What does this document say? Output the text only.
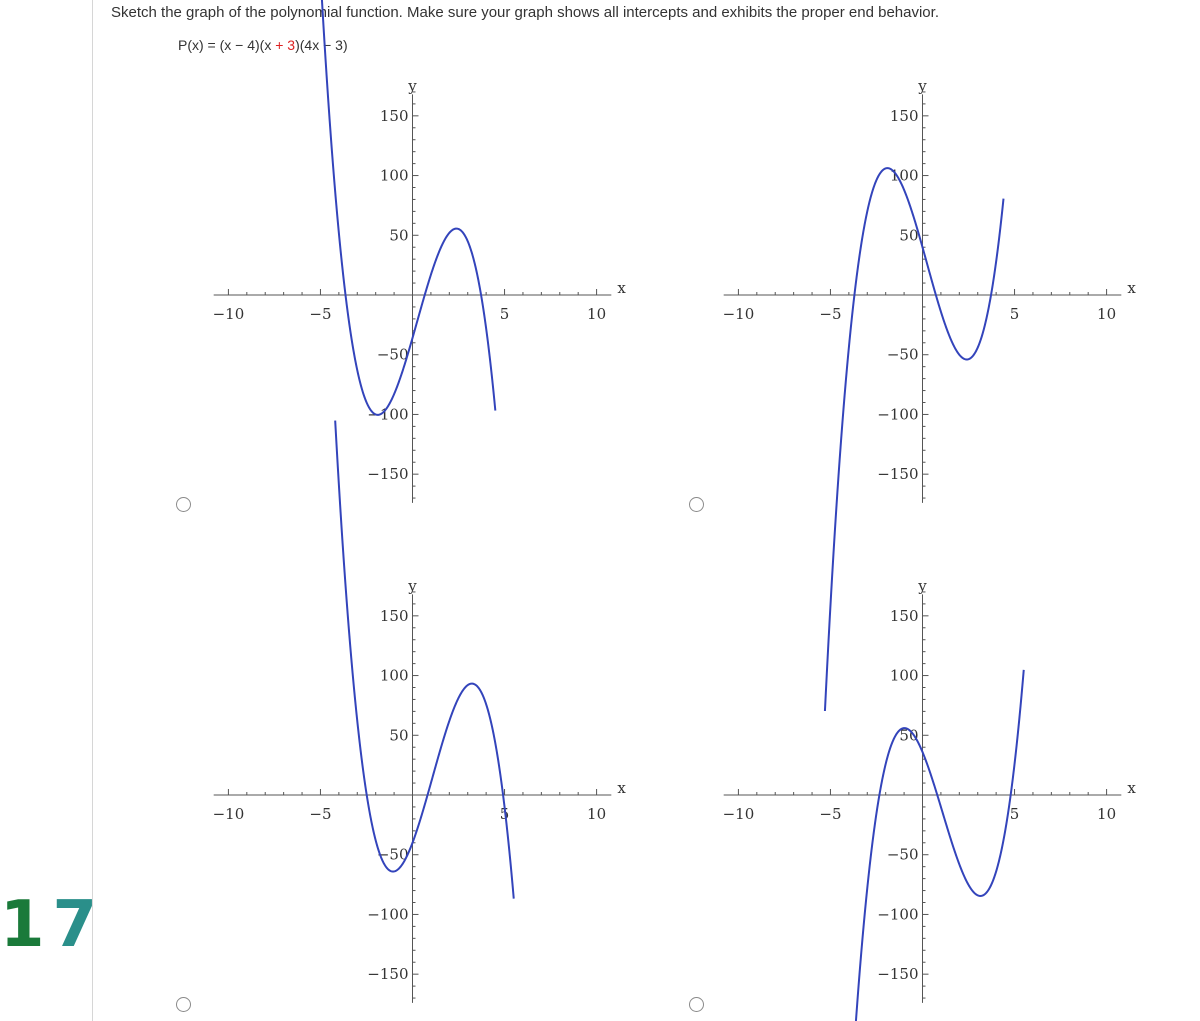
Sketch the graph of the polynomial function. Make sure your graph shows all intercepts and exhibits the proper end behavior.
P(x) = (x − 4)(x + 3)(4x − 3)
−10	−5	5	10
150
100
50
−50
−100
−150
x
y
−10	−5	5	10
150
100
50
−50
−100
−150
x
y
−10	−5	5	10
150
100
50
−50
−100
−150
x
y
−10	−5	5	10
150
100
50
−50
−100
−150
x
y
17
